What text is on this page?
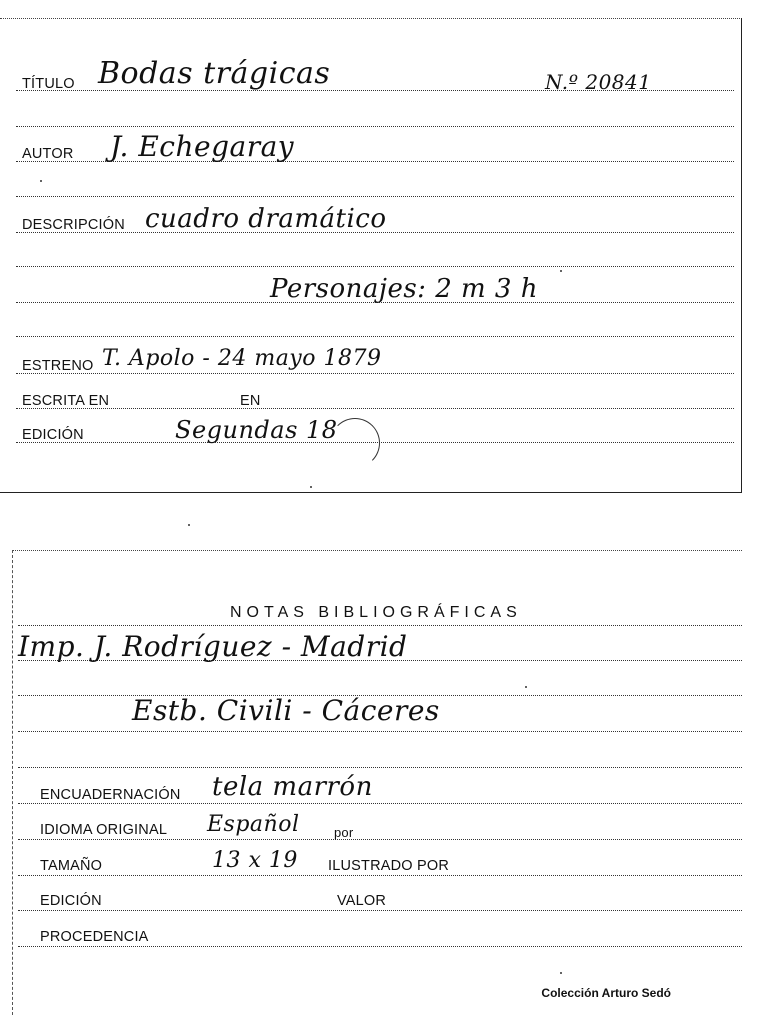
TÍTULO Bodas trágicas	N.º 20841
AUTOR J. Echegaray
DESCRIPCIÓN cuadro dramático
Personajes: 2 m 3 h
ESTRENO T. Apolo - 24 mayo 1879
ESCRITA EN	EN
EDICIÓN	Segundas 18
NOTAS BIBLIOGRÁFICAS
Imp. J. Rodríguez - Madrid
Estb. Civili - Cáceres
ENCUADERNACIÓN tela marrón
IDIOMA ORIGINAL Español	por
TAMAÑO	13 x 19 ILUSTRADO POR
EDICIÓN	VALOR
PROCEDENCIA
Colección Arturo Sedó
